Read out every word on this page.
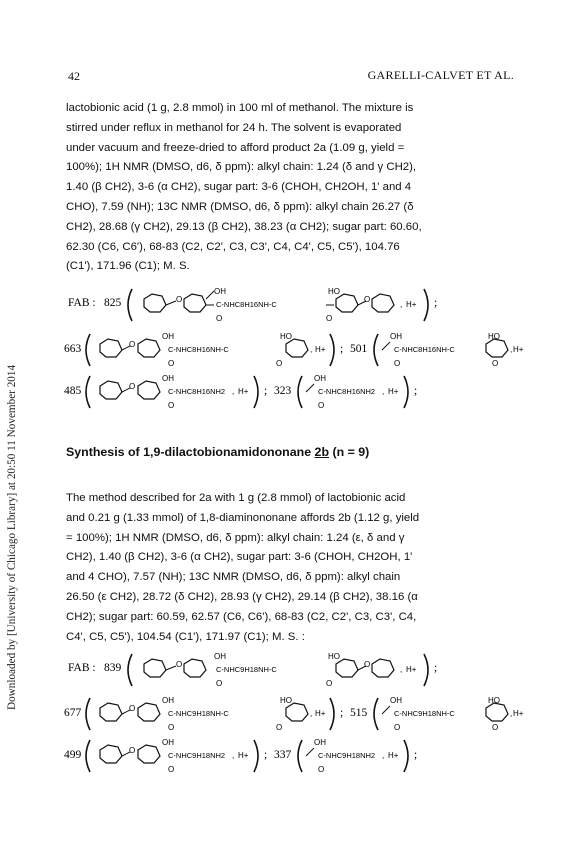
Downloaded by [University of Chicago Library] at 20:50 11 November 2014
42	GARELLI-CALVET ET AL.

lactobionic acid (1 g, 2.8 mmol) in 100 ml of methanol. The mixture is
stirred under reflux in methanol for 24 h. The solvent is evaporated
under vacuum and freeze-dried to afford product 2a (1.09 g, yield =
100%); 1H NMR (DMSO, d6, δ ppm): alkyl chain: 1.24 (δ and γ CH2),
1.40 (β CH2), 3-6 (α CH2), sugar part: 3-6 (CHOH, CH2OH, 1' and 4
CHO), 7.59 (NH); 13C NMR (DMSO, d6, δ ppm): alkyl chain 26.27 (δ
CH2), 28.68 (γ CH2), 29.13 (β CH2), 38.23 (α CH2); sugar part: 60.60,
62.30 (C6, C6'), 68-83 (C2, C2', C3, C3', C4, C4', C5, C5'), 104.76
(C1'), 171.96 (C1); M. S.

FAB : 825	O
OH
C-NHC8H16NH-C
O
HO
O
O
, H+ ;
663	O
OH
C-NHC8H16NH-C
O
HO
O
, H+ ; 501
OH
C-NHC8H16NH-C
O
HO
O
, H+
485	O
OH
C-NHC8H16NH2
O
, H+ ; 323
OH
C-NHC8H16NH2
O
, H+ ;
Synthesis of 1,9-dilactobionamidononane 2b (n = 9)

The method described for 2a with 1 g (2.8 mmol) of lactobionic acid
and 0.21 g (1.33 mmol) of 1,8-diaminononane affords 2b (1.12 g, yield
= 100%); 1H NMR (DMSO, d6, δ ppm): alkyl chain: 1.24 (ε, δ and γ
CH2), 1.40 (β CH2), 3-6 (α CH2), sugar part: 3-6 (CHOH, CH2OH, 1'
and 4 CHO), 7.57 (NH); 13C NMR (DMSO, d6, δ ppm): alkyl chain
26.50 (ε CH2), 28.72 (δ CH2), 28.93 (γ CH2), 29.14 (β CH2), 38.16 (α
CH2); sugar part: 60.59, 62.57 (C6, C6'), 68-83 (C2, C2', C3, C3', C4,
C4', C5, C5'), 104.54 (C1'), 171.97 (C1); M. S. :

FAB : 839	O
OH
C-NHC9H18NH-C
O
HO
O
O
, H+ ;
677	O
OH
C-NHC9H18NH-C
O
HO
O
, H+ ; 515
OH
C-NHC9H18NH-C
O
HO
O
, H+
499	O
OH
C-NHC9H18NH2
O
, H+ ; 337
OH
C-NHC9H18NH2
O
, H+ ;
